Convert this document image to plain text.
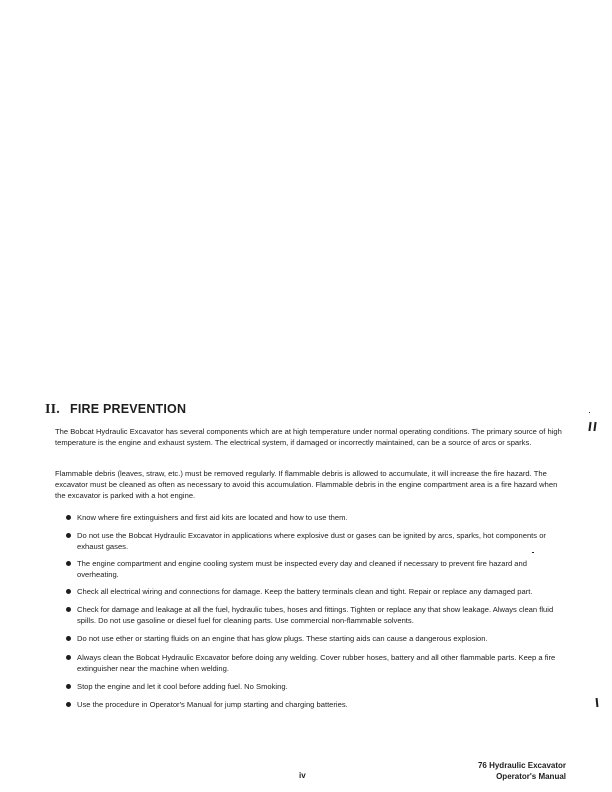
II. FIRE PREVENTION

The Bobcat Hydraulic Excavator has several components which are at high temperature under normal operating conditions. The primary source of high temperature is the engine and exhaust system. The electrical system, if damaged or incorrectly maintained, can be a source of arcs or sparks.

Flammable debris (leaves, straw, etc.) must be removed regularly. If flammable debris is allowed to accumulate, it will increase the fire hazard. The excavator must be cleaned as often as necessary to avoid this accumulation. Flammable debris in the engine compartment area is a fire hazard when the excavator is parked with a hot engine.

Know where fire extinguishers and first aid kits are located and how to use them.
Do not use the Bobcat Hydraulic Excavator in applications where explosive dust or gases can be ignited by arcs, sparks, hot components or exhaust gases.
The engine compartment and engine cooling system must be inspected every day and cleaned if necessary to prevent fire hazard and overheating.
Check all electrical wiring and connections for damage. Keep the battery terminals clean and tight. Repair or replace any damaged part.
Check for damage and leakage at all the fuel, hydraulic tubes, hoses and fittings. Tighten or replace any that show leakage. Always clean fluid spills. Do not use gasoline or diesel fuel for cleaning parts. Use commercial non-flammable solvents.
Do not use ether or starting fluids on an engine that has glow plugs. These starting aids can cause a dangerous explosion.
Always clean the Bobcat Hydraulic Excavator before doing any welding. Cover rubber hoses, battery and all other flammable parts. Keep a fire extinguisher near the machine when welding.
Stop the engine and let it cool before adding fuel. No Smoking.
Use the procedure in Operator's Manual for jump starting and charging batteries.
76 Hydraulic Excavator
Operator's Manual
iv
